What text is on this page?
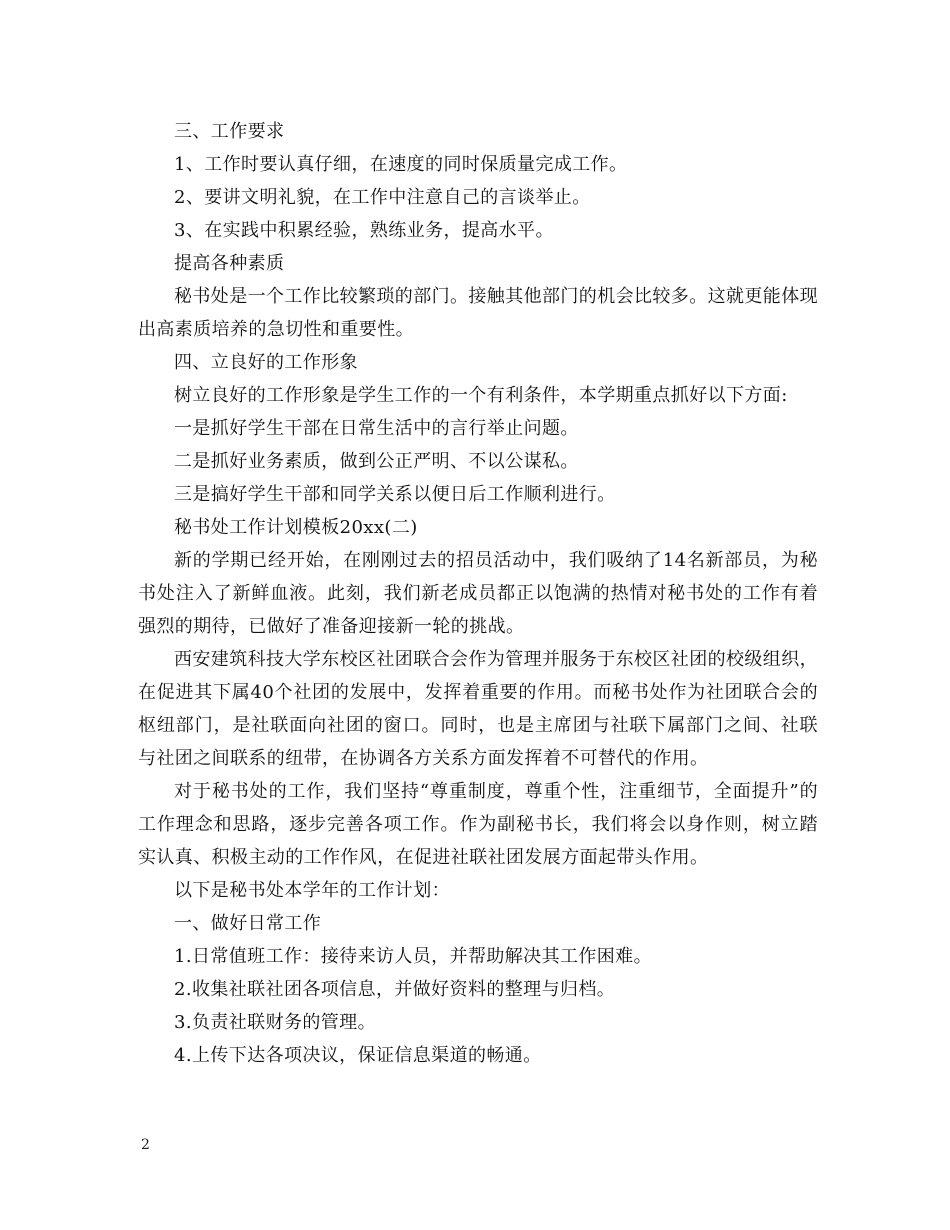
三、工作要求

1、工作时要认真仔细，在速度的同时保质量完成工作。

2、要讲文明礼貌，在工作中注意自己的言谈举止。

3、在实践中积累经验，熟练业务，提高水平。

提高各种素质

秘书处是一个工作比较繁琐的部门。接触其他部门的机会比较多。这就更能体现出高素质培养的急切性和重要性。

四、立良好的工作形象

树立良好的工作形象是学生工作的一个有利条件，本学期重点抓好以下方面:

一是抓好学生干部在日常生活中的言行举止问题。

二是抓好业务素质，做到公正严明、不以公谋私。

三是搞好学生干部和同学关系以便日后工作顺利进行。

秘书处工作计划模板20xx(二)

新的学期已经开始，在刚刚过去的招员活动中，我们吸纳了14名新部员，为秘书处注入了新鲜血液。此刻，我们新老成员都正以饱满的热情对秘书处的工作有着强烈的期待，已做好了准备迎接新一轮的挑战。

西安建筑科技大学东校区社团联合会作为管理并服务于东校区社团的校级组织，在促进其下属40个社团的发展中，发挥着重要的作用。而秘书处作为社团联合会的枢纽部门，是社联面向社团的窗口。同时，也是主席团与社联下属部门之间、社联与社团之间联系的纽带，在协调各方关系方面发挥着不可替代的作用。

对于秘书处的工作，我们坚持“尊重制度，尊重个性，注重细节，全面提升”的工作理念和思路，逐步完善各项工作。作为副秘书长，我们将会以身作则，树立踏实认真、积极主动的工作作风，在促进社联社团发展方面起带头作用。

以下是秘书处本学年的工作计划：

一、做好日常工作

1.日常值班工作：接待来访人员，并帮助解决其工作困难。

2.收集社联社团各项信息，并做好资料的整理与归档。

3.负责社联财务的管理。

4.上传下达各项决议，保证信息渠道的畅通。

2
